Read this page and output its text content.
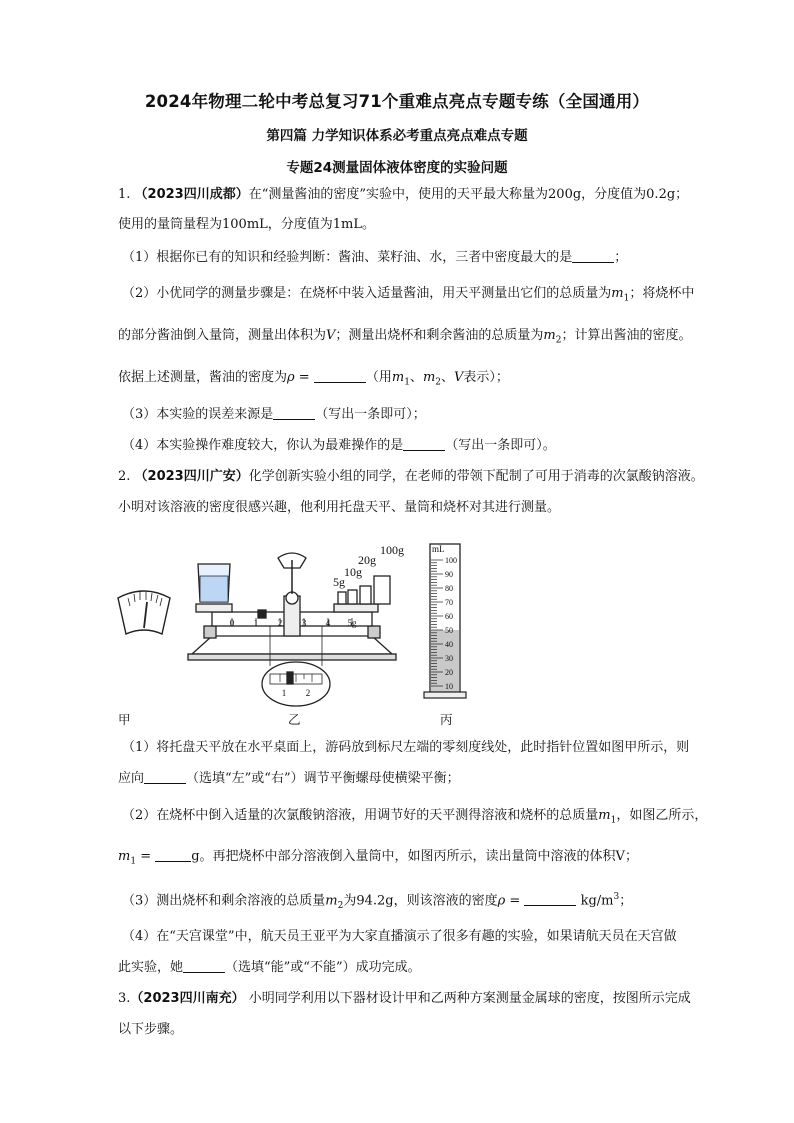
2024年物理二轮中考总复习71个重难点亮点专题专练（全国通用）
第四篇 力学知识体系必考重点亮点难点专题
专题24测量固体液体密度的实验问题
1. （2023四川成都）在“测量酱油的密度”实验中，使用的天平最大称量为200g，分度值为0.2g；
使用的量筒量程为100mL，分度值为1mL。
（1）根据你已有的知识和经验判断：酱油、菜籽油、水，三者中密度最大的是	；
（2）小优同学的测量步骤是：在烧杯中装入适量酱油，用天平测量出它们的总质量为$m_1$；将烧杯中
的部分酱油倒入量筒，测量出体积为V；测量出烧杯和剩余酱油的总质量为$m_2$；计算出酱油的密度。
依据上述测量，酱油的密度为ρ =	（用$m_1$、$m_2$、V表示）；
（3）本实验的误差来源是	（写出一条即可）；
（4）本实验操作难度较大，你认为最难操作的是	（写出一条即可）。
2. （2023四川广安）化学创新实验小组的同学，在老师的带领下配制了可用于消毒的次氯酸钠溶液。
小明对该溶液的密度很感兴趣，他利用托盘天平、量筒和烧杯对其进行测量。
0 1 2 3 4 5g
1 2
5g
10g
20g
100g	mL
100
90
80
70
60
50
40
30
20
10
甲	乙	丙
（1）将托盘天平放在水平桌面上，游码放到标尺左端的零刻度线处，此时指针位置如图甲所示，则
应向	（选填“左”或“右”）调节平衡螺母使横梁平衡；
（2）在烧杯中倒入适量的次氯酸钠溶液，用调节好的天平测得溶液和烧杯的总质量$m_1$，如图乙所示，
$m_1$ =	g。再把烧杯中部分溶液倒入量筒中，如图丙所示，读出量筒中溶液的体积V；
（3）测出烧杯和剩余溶液的总质量$m_2$为94.2g，则该溶液的密度ρ =	$kg/m^3$；
（4）在“天宫课堂”中，航天员王亚平为大家直播演示了很多有趣的实验，如果请航天员在天宫做
此实验，她	（选填“能”或“不能”）成功完成。
3.（2023四川南充） 小明同学利用以下器材设计甲和乙两种方案测量金属球的密度，按图所示完成
以下步骤。
